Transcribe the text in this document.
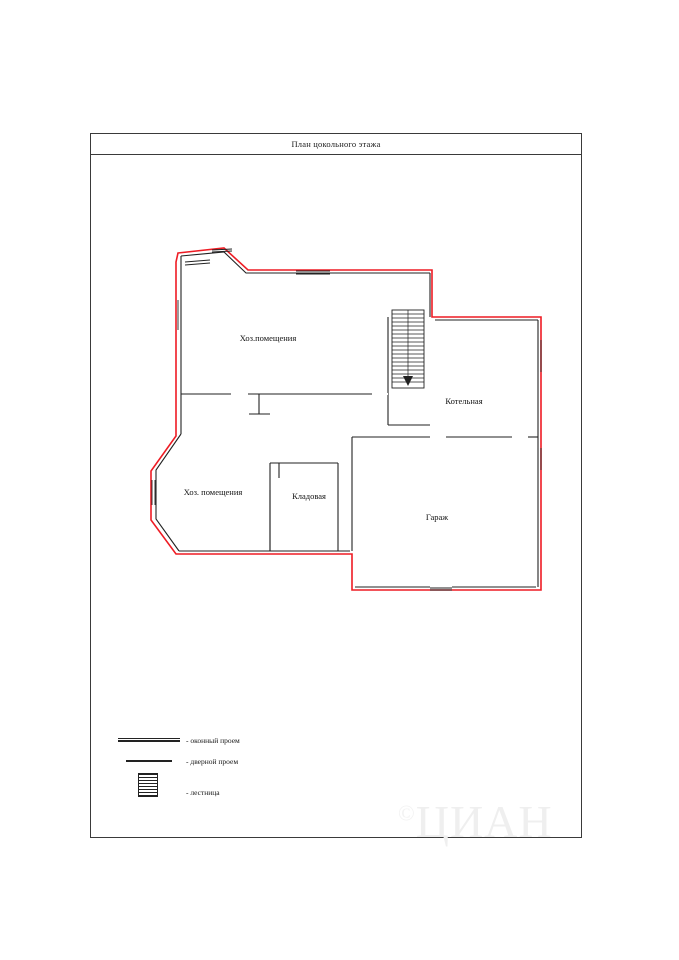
План цокольного этажа
Хоз.помещения
Котельная
Хоз. помещения	Кладовая
Гараж
- оконный проем
- дверной проем
- лестница
©ЦИАН
